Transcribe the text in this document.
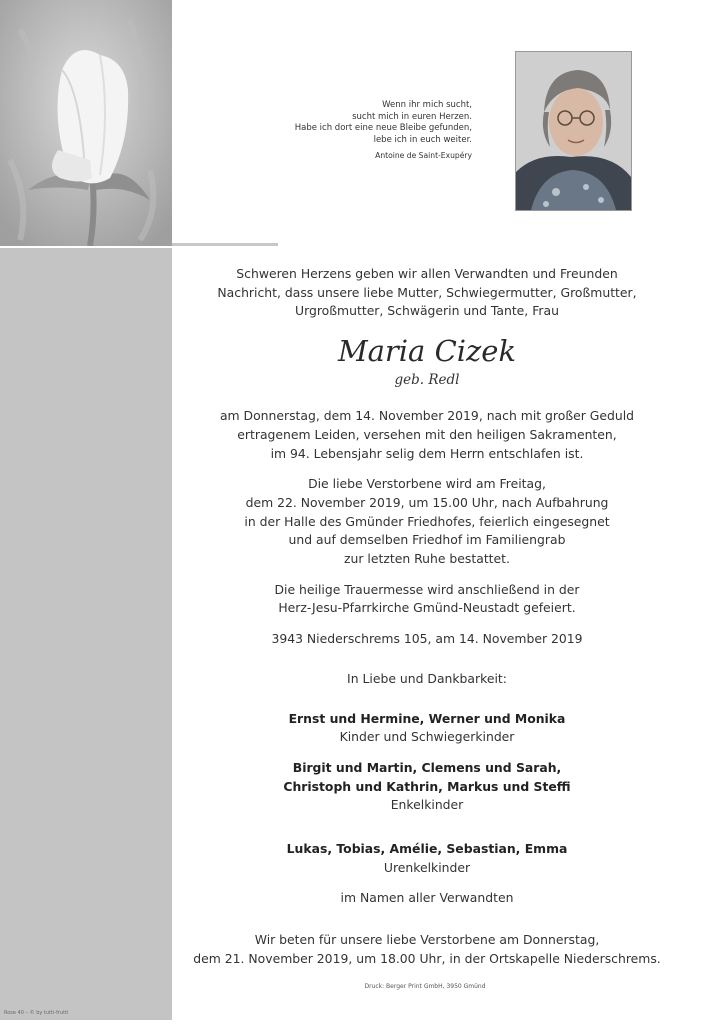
Rose 40 – © by tutti-frutti
Wenn ihr mich sucht,
sucht mich in euren Herzen.
Habe ich dort eine neue Bleibe gefunden,
lebe ich in euch weiter.
Antoine de Saint-Exupéry

Schweren Herzens geben wir allen Verwandten und Freunden

Nachricht, dass unsere liebe Mutter, Schwiegermutter, Großmutter,

Urgroßmutter, Schwägerin und Tante, Frau

Maria Cizek

geb. Redl

am Donnerstag, dem 14. November 2019, nach mit großer Geduld

ertragenem Leiden, versehen mit den heiligen Sakramenten,

im 94. Lebensjahr selig dem Herrn entschlafen ist.

Die liebe Verstorbene wird am Freitag,

dem 22. November 2019, um 15.00 Uhr, nach Aufbahrung

in der Halle des Gmünder Friedhofes, feierlich eingesegnet

und auf demselben Friedhof im Familiengrab

zur letzten Ruhe bestattet.

Die heilige Trauermesse wird anschließend in der

Herz-Jesu-Pfarrkirche Gmünd-Neustadt gefeiert.

3943 Niederschrems 105, am 14. November 2019

In Liebe und Dankbarkeit:

Ernst und Hermine, Werner und Monika

Kinder und Schwiegerkinder

Birgit und Martin, Clemens und Sarah,

Christoph und Kathrin, Markus und Steffi

Enkelkinder

Lukas, Tobias, Amélie, Sebastian, Emma

Urenkelkinder

im Namen aller Verwandten

Wir beten für unsere liebe Verstorbene am Donnerstag,

dem 21. November 2019, um 18.00 Uhr, in der Ortskapelle Niederschrems.

Druck: Berger Print GmbH, 3950 Gmünd
